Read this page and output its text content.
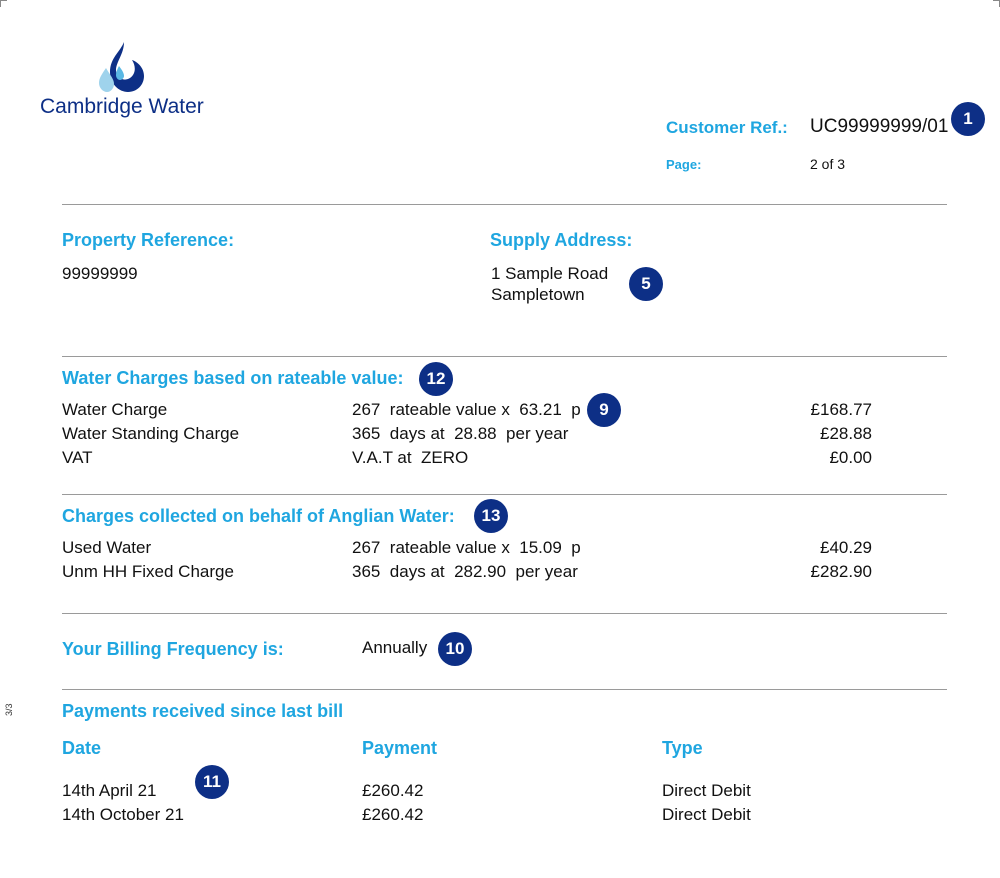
Cambridge Water
Customer Ref.: UC99999999/01 1
Page:	2 of 3
Property Reference:
99999999
Supply Address:
1 Sample Road
Sampletown
5
Water Charges based on rateable value:	12
Water Charge	267  rateable value x  63.21  p	£168.77
Water Standing Charge	365  days at  28.88  per year	£28.88
VAT	V.A.T at  ZERO	£0.00
9
Charges collected on behalf of Anglian Water:	13
Used Water	267  rateable value x  15.09  p	£40.29
Unm HH Fixed Charge	365  days at  282.90  per year	£282.90
Your Billing Frequency is:	Annually	10
3/3	Payments received since last bill
Date	Payment	Type
14th April 21	£260.42	Direct Debit
14th October 21	£260.42	Direct Debit
11
